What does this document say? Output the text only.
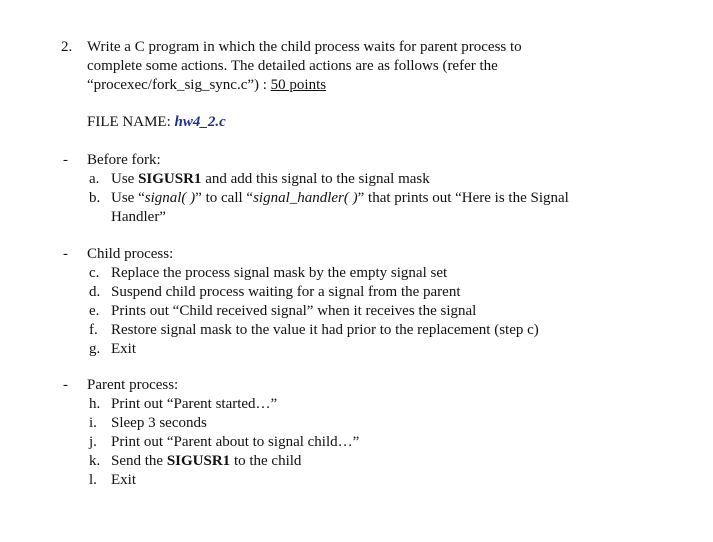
2. Write a C program in which the child process waits for parent process to
complete some actions. The detailed actions are as follows (refer the
“procexec/fork_sig_sync.c”) : 50 points
FILE NAME: hw4_2.c
- Before fork:
a. Use SIGUSR1 and add this signal to the signal mask
b. Use “signal( )” to call “signal_handler( )” that prints out “Here is the Signal
Handler”
- Child process:
c. Replace the process signal mask by the empty signal set
d. Suspend child process waiting for a signal from the parent
e. Prints out “Child received signal” when it receives the signal
f. Restore signal mask to the value it had prior to the replacement (step c)
g. Exit
- Parent process:
h. Print out “Parent started…”
i. Sleep 3 seconds
j. Print out “Parent about to signal child…”
k. Send the SIGUSR1 to the child
l. Exit
